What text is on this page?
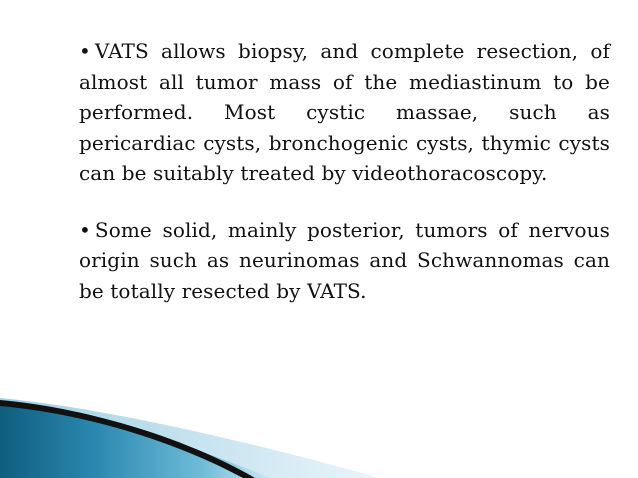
• VATS allows biopsy, and complete resection, of almost all tumor mass of the mediastinum to be performed. Most cystic massae, such as pericardiac cysts, bronchogenic cysts, thymic cysts can be suitably treated by videothoracoscopy.

• Some solid, mainly posterior, tumors of nervous origin such as neurinomas and Schwannomas can be totally resected by VATS.
